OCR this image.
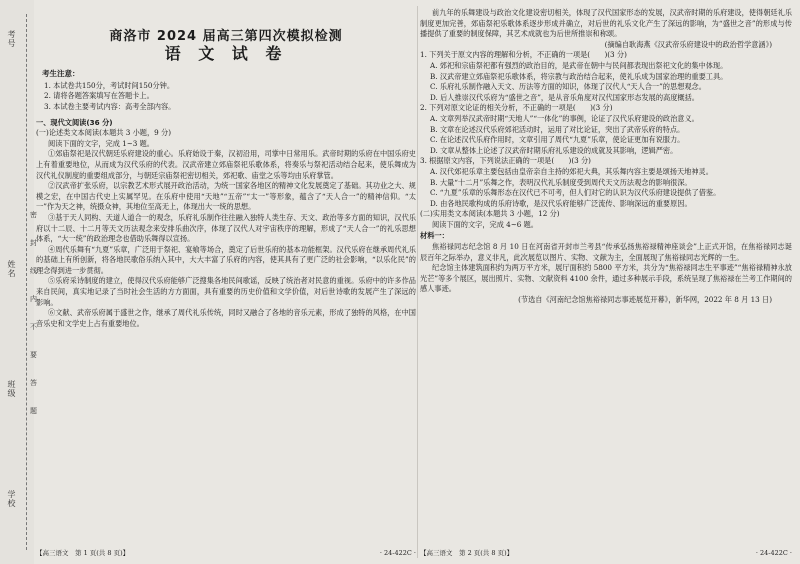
考号
姓名
班级
学校
密
封
线
内
不
要
答
题
商洛市 2024 届高三第四次模拟检测
语 文 试 卷
考生注意：
1. 本试卷共150分，考试时间150分钟。
2. 请将各题答案填写在答题卡上。
3. 本试卷主要考试内容：高考全部内容。
一、现代文阅读(36 分)
(一)论述类文本阅读(本题共 3 小题，9 分)
阅读下面的文字，完成 1~3 题。
①郊庙祭祀是汉代朝廷乐府建设的重心。乐府始设于秦，汉初沿用，司掌中日常用乐。武帝时期的乐府在中国乐府史上有着重要地位，从而成为汉代乐府的代表。汉武帝建立郊庙祭祀乐歌体系，将奏乐与祭祀活动结合起来，使乐舞成为汉代礼仪制度的重要组成部分，与朝廷宗庙祭祀密切相关，郊祀歌、庙堂之乐等均由乐府掌管。
②汉武帝扩张乐府，以宗教艺术形式展开政治活动，为统一国家各地区的精神文化发展奠定了基础。其功业之大、规模之宏，在中国古代史上实属罕见。在乐府中使用“天地”“五帝”“太一”等形象，蕴含了“天人合一”的精神信仰。“太一”作为天之神，统摄众神，其地位至高无上，体现出大一统的思想。
③基于天人同构、天道人道合一的观念，乐府礼乐制作往往融入独特人类生存、天文、政治等多方面的知识，汉代乐府以十二辰、十二月等天文历法观念来安排乐曲次序，体现了汉代人对宇宙秩序的理解，形成了“天人合一”的礼乐思想体系，“大一统”的政治理念也借助乐舞得以宣扬。
④周代乐舞有“九夏”乐章，广泛用于祭祀、宴飨等场合，奠定了后世乐府的基本功能框架。汉代乐府在继承周代礼乐的基础上有所创新，将各地民歌俗乐纳入其中，大大丰富了乐府的内容，使其具有了更广泛的社会影响，“以乐化民”的理念得到进一步贯彻。
⑤乐府采诗制度的建立，使得汉代乐府能够广泛搜集各地民间歌谣，反映了统治者对民意的重视。乐府中的许多作品来自民间，真实地记录了当时社会生活的方方面面，具有重要的历史价值和文学价值，对后世诗歌的发展产生了深远的影响。
⑥文献、武帝乐府属于盛世之作，继承了周代礼乐传统，同时又融合了各地的音乐元素，形成了独特的风格，在中国音乐史和文学史上占有重要地位。
【高三语文　第 1 页(共 8 页)】	· 24-422C ·
前九年的乐舞建设与政治文化建设密切相关，体现了汉代国家形态的发展，汉武帝时期的乐府建设，使得朝廷礼乐制度更加完善，郊庙祭祀乐歌体系逐步形成并确立，对后世的礼乐文化产生了深远的影响，为“盛世之音”的形成与传播提供了重要的制度保障，其艺术成就也为后世所推崇和称颂。
(摘编自耿海燕《汉武帝乐府建设中的政治哲学意涵》)
1. 下列关于原文内容的理解和分析，不正确的一项是(　　)(3 分)
A. 郊祀和宗庙祭祀都有强烈的政治目的，是武帝在朝中与民间都表现出祭祀文化的集中体现。
B. 汉武帝建立郊庙祭祀乐歌体系，将宗教与政治结合起来，使礼乐成为国家治理的重要工具。
C. 乐府礼乐制作融入天文、历法等方面的知识，体现了汉代人“天人合一”的思想观念。
D. 后人推崇汉代乐府为“盛世之音”，是从音乐角度对汉代国家形态发展的高度概括。
2. 下列对原文论证的相关分析，不正确的一项是(　　)(3 分)
A. 文章列举汉武帝时期“天地人”“一体化”的事例，论证了汉代乐府建设的政治意义。
B. 文章在论述汉代乐府郊祀活动时，运用了对比论证，突出了武帝乐府的特点。
C. 在论述汉代乐府作用时，文章引用了周代“九夏”乐章，使论证更加有说服力。
D. 文章从整体上论述了汉武帝时期乐府礼乐建设的成就及其影响，逻辑严密。
3. 根据原文内容，下列说法正确的一项是(　　)(3 分)
A. 汉代郊祀乐章主要包括由皇帝亲自主持的郊祀大典，其乐舞内容主要是颂扬天地神灵。
B. 大量“十二月”乐舞之作，表明汉代礼乐制度受到周代天文历法观念的影响很深。
C. “九夏”乐章的乐舞形态在汉代已不可考，但人们对它的认识为汉代乐府建设提供了借鉴。
D. 由各地民歌构成的乐府诗歌，是汉代乐府能够广泛流传、影响深远的重要原因。
(二)实用类文本阅读(本题共 3 小题，12 分)
阅读下面的文字，完成 4~6 题。
材料一：
焦裕禄同志纪念馆 8 月 10 日在河南省开封市兰考县“传承弘扬焦裕禄精神座谈会”上正式开馆，在焦裕禄同志诞辰百年之际举办，意义非凡，此次展览以图片、实物、文献为主，全面展现了焦裕禄同志光辉的一生。
纪念馆主体建筑面积约为两万平方米，展厅面积约 5800 平方米，共分为“焦裕禄同志生平事迹”“焦裕禄精神永放光芒”等多个展区，展出照片、实物、文献资料 4100 余件，通过多种展示手段，系统呈现了焦裕禄在兰考工作期间的感人事迹。
(节选自《河南纪念馆焦裕禄同志事迹展览开幕》，新华网，2022 年 8 月 13 日)
【高三语文　第 2 页(共 8 页)】	· 24-422C ·
